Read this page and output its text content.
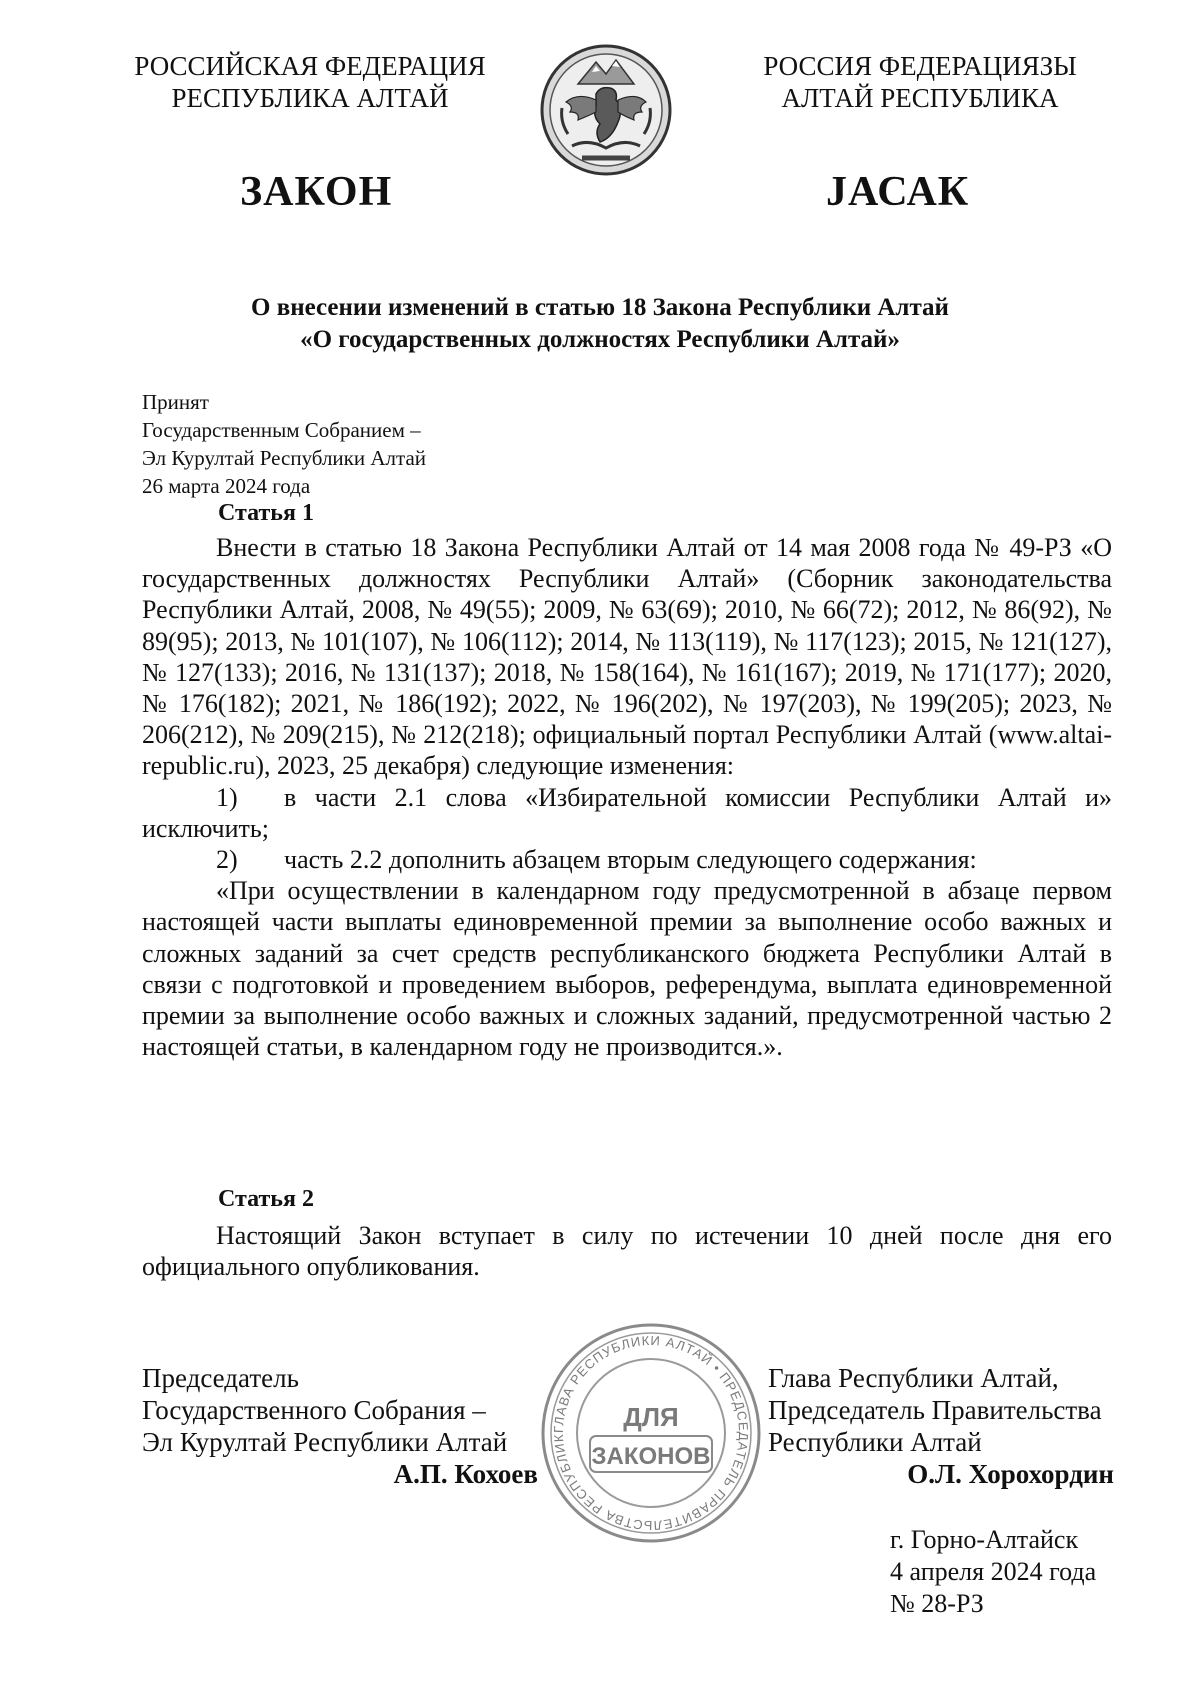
РОССИЙСКАЯ ФЕДЕРАЦИЯ
РЕСПУБЛИКА АЛТАЙ
РОССИЯ ФЕДЕРАЦИЯЗЫ
АЛТАЙ РЕСПУБЛИКА
ЗАКОН	JАСАК
О внесении изменений в статью 18 Закона Республики Алтай
«О государственных должностях Республики Алтай»
Принят
Государственным Собранием –
Эл Курултай Республики Алтай
26 марта 2024 года
Статья 1

Внести в статью 18 Закона Республики Алтай от 14 мая 2008 года № 49-РЗ «О государственных должностях Республики Алтай» (Сборник законодательства Республики Алтай, 2008, № 49(55); 2009, № 63(69); 2010, № 66(72); 2012, № 86(92), № 89(95); 2013, № 101(107), № 106(112); 2014, № 113(119), № 117(123); 2015, № 121(127), № 127(133); 2016, № 131(137); 2018, № 158(164), № 161(167); 2019, № 171(177); 2020, № 176(182); 2021, № 186(192); 2022, № 196(202), № 197(203), № 199(205); 2023, № 206(212), № 209(215), № 212(218); официальный портал Республики Алтай (www.altai-republic.ru), 2023, 25 декабря) следующие изменения:

1) в части 2.1 слова «Избирательной комиссии Республики Алтай и» исключить;

2) часть 2.2 дополнить абзацем вторым следующего содержания:

«При осуществлении в календарном году предусмотренной в абзаце первом настоящей части выплаты единовременной премии за выполнение особо важных и сложных заданий за счет средств республиканского бюджета Республики Алтай в связи с подготовкой и проведением выборов, референдума, выплата единовременной премии за выполнение особо важных и сложных заданий, предусмотренной частью 2 настоящей статьи, в календарном году не производится.».

Статья 2

Настоящий Закон вступает в силу по истечении 10 дней после дня его официального опубликования.

ГЛАВА РЕСПУБЛИКИ АЛТАЙ • ПРЕДСЕДАТЕЛЬ ПРАВИТЕЛЬСТВА РЕСПУБЛИК
ДЛЯ
ЗАКОНОВ
Председатель
Государственного Собрания –
Эл Курултай Республики Алтай
А.П. Кохоев
Глава Республики Алтай,
Председатель Правительства
Республики Алтай
О.Л. Хорохордин
г. Горно-Алтайск
4 апреля 2024 года
№ 28-РЗ
